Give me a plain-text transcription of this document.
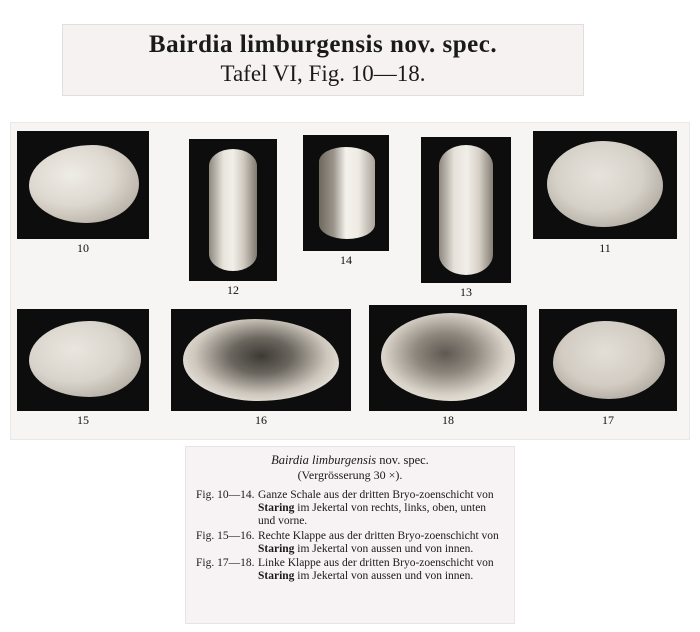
Bairdia limburgensis nov. spec.
Tafel VI, Fig. 10—18.
10
12
14
13
11
15	16	18	17
Bairdia limburgensis nov. spec.
(Vergrösserung 30 ×).
Fig. 10—14. Ganze Schale aus der dritten Bryo-zoenschicht von Staring im Jekertal von rechts, links, oben, unten und vorne.
Fig. 15—16. Rechte Klappe aus der dritten Bryo-zoenschicht von Staring im Jekertal von aussen und von innen.
Fig. 17—18. Linke Klappe aus der dritten Bryo-zoenschicht von Staring im Jekertal von aussen und von innen.
